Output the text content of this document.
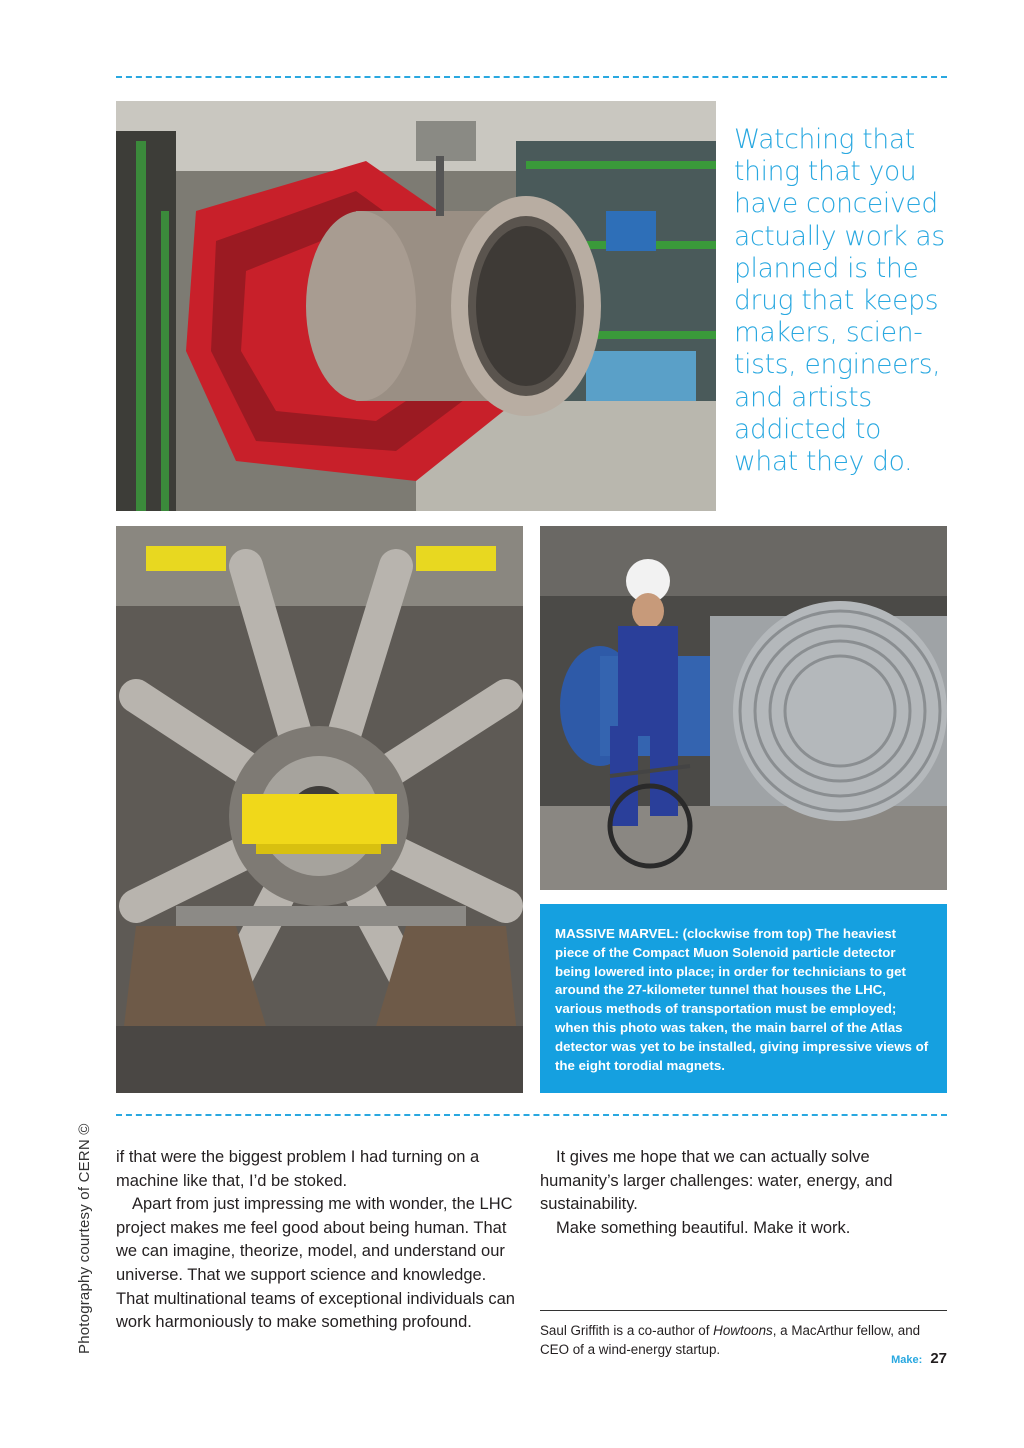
Watching that
thing that you
have conceived
actually work as
planned is the
drug that keeps
makers, scien-
tists, engineers,
and artists
addicted to
what they do.
MASSIVE MARVEL: (clockwise from top) The heaviest piece of the Compact Muon Solenoid particle detector being lowered into place; in order for technicians to get around the 27-kilometer tunnel that houses the LHC, various methods of transportation must be employed; when this photo was taken, the main barrel of the Atlas detector was yet to be installed, giving impressive views of the eight torodial magnets.
Photography courtesy of CERN ©	if that were the biggest problem I had turning on a machine like that, I’d be stoked.

Apart from just impressing me with wonder, the LHC project makes me feel good about being human. That we can imagine, theorize, model, and understand our universe. That we support science and knowledge. That multinational teams of exceptional individuals can work harmoniously to make something profound.

It gives me hope that we can actually solve humanity’s larger challenges: water, energy, and sustainability.

Make something beautiful. Make it work.

Saul Griffith is a co-author of Howtoons, a MacArthur fellow, and CEO of a wind-energy startup.
Make: 27
